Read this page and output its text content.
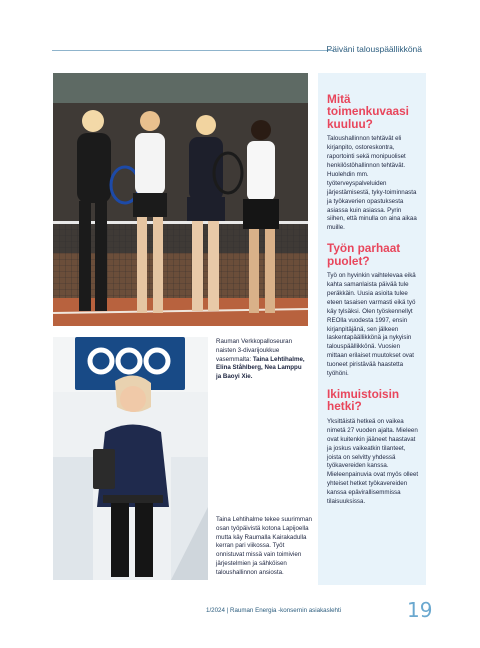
Päiväni talouspäällikkönä
Rauman Verkkopalloseuran naisten 3-divarijoukkue vasemmalta: Taina Lehtihalme, Elina Ståhlberg, Nea Lamppu ja Baoyi Xie.
Taina Lehtihalme tekee suurimman osan työpäivistä kotona Lapijoella mutta käy Raumalla Kairakadulla kerran pari viikossa. Työt onnistuvat missä vain toimivien järjestelmien ja sähköisen taloushallinnon ansiosta.
Mitä toimenkuvaasi kuuluu?

Taloushallinnon tehtävät eli kirjanpito, ostoreskontra, raportointi sekä monipuoliset henkilöstöhallinnon tehtävät. Huolehdin mm. työterveyspalveluiden järjestämisestä, tyky-toiminnasta ja työkaverien opastuksesta asiassa kuin asiassa. Pyrin siihen, että minulla on aina aikaa muille.

Työn parhaat puolet?

Työ on hyvinkin vaihtelevaa eikä kahta samanlaista päivää tule peräkkäin. Uusia asioita tulee eteen tasaisen varmasti eikä työ käy tylsäksi. Olen työskennellyt REOlla vuodesta 1997, ensin kirjanpitäjänä, sen jälkeen laskentapäällikkönä ja nykyisin talouspäällikkönä. Vuosien mittaan erilaiset muutokset ovat tuoneet piristävää haastetta työhöni.

Ikimuistoisin hetki?

Yksittäistä hetkeä on vaikea nimetä 27 vuoden ajalta. Mieleen ovat kuitenkin jääneet haastavat ja joskus vaikeatkin tilanteet, joista on selvitty yhdessä työkavereiden kanssa. Mieleenpainuvia ovat myös olleet yhteiset hetket työkavereiden kanssa epävirallisemmissa tilaisuuksissa.

1/2024 | Rauman Energia -konsernin asiakaslehti	19
